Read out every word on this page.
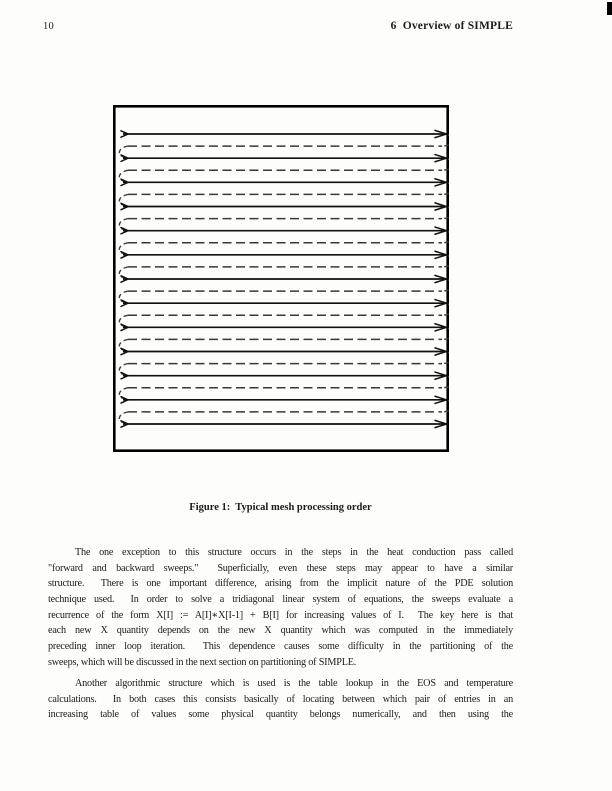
10	6  Overview of SIMPLE
Figure 1:  Typical mesh processing order
The one exception to this structure occurs in the steps in the heat conduction pass called
"forward and backward sweeps."  Superficially, even these steps may appear to have a similar
structure.  There is one important difference, arising from the implicit nature of the PDE solution
technique used.  In order to solve a tridiagonal linear system of equations, the sweeps evaluate a
recurrence of the form X[I] := A[I]∗X[I-1] + B[I] for increasing values of I.  The key here is that
each new X quantity depends on the new X quantity which was computed in the immediately
preceding inner loop iteration.  This dependence causes some difficulty in the partitioning of the
sweeps, which will be discussed in the next section on partitioning of SIMPLE.
Another algorithmic structure which is used is the table lookup in the EOS and temperature
calculations.  In both cases this consists basically of locating between which pair of entries in an
increasing table of values some physical quantity belongs numerically, and then using the
